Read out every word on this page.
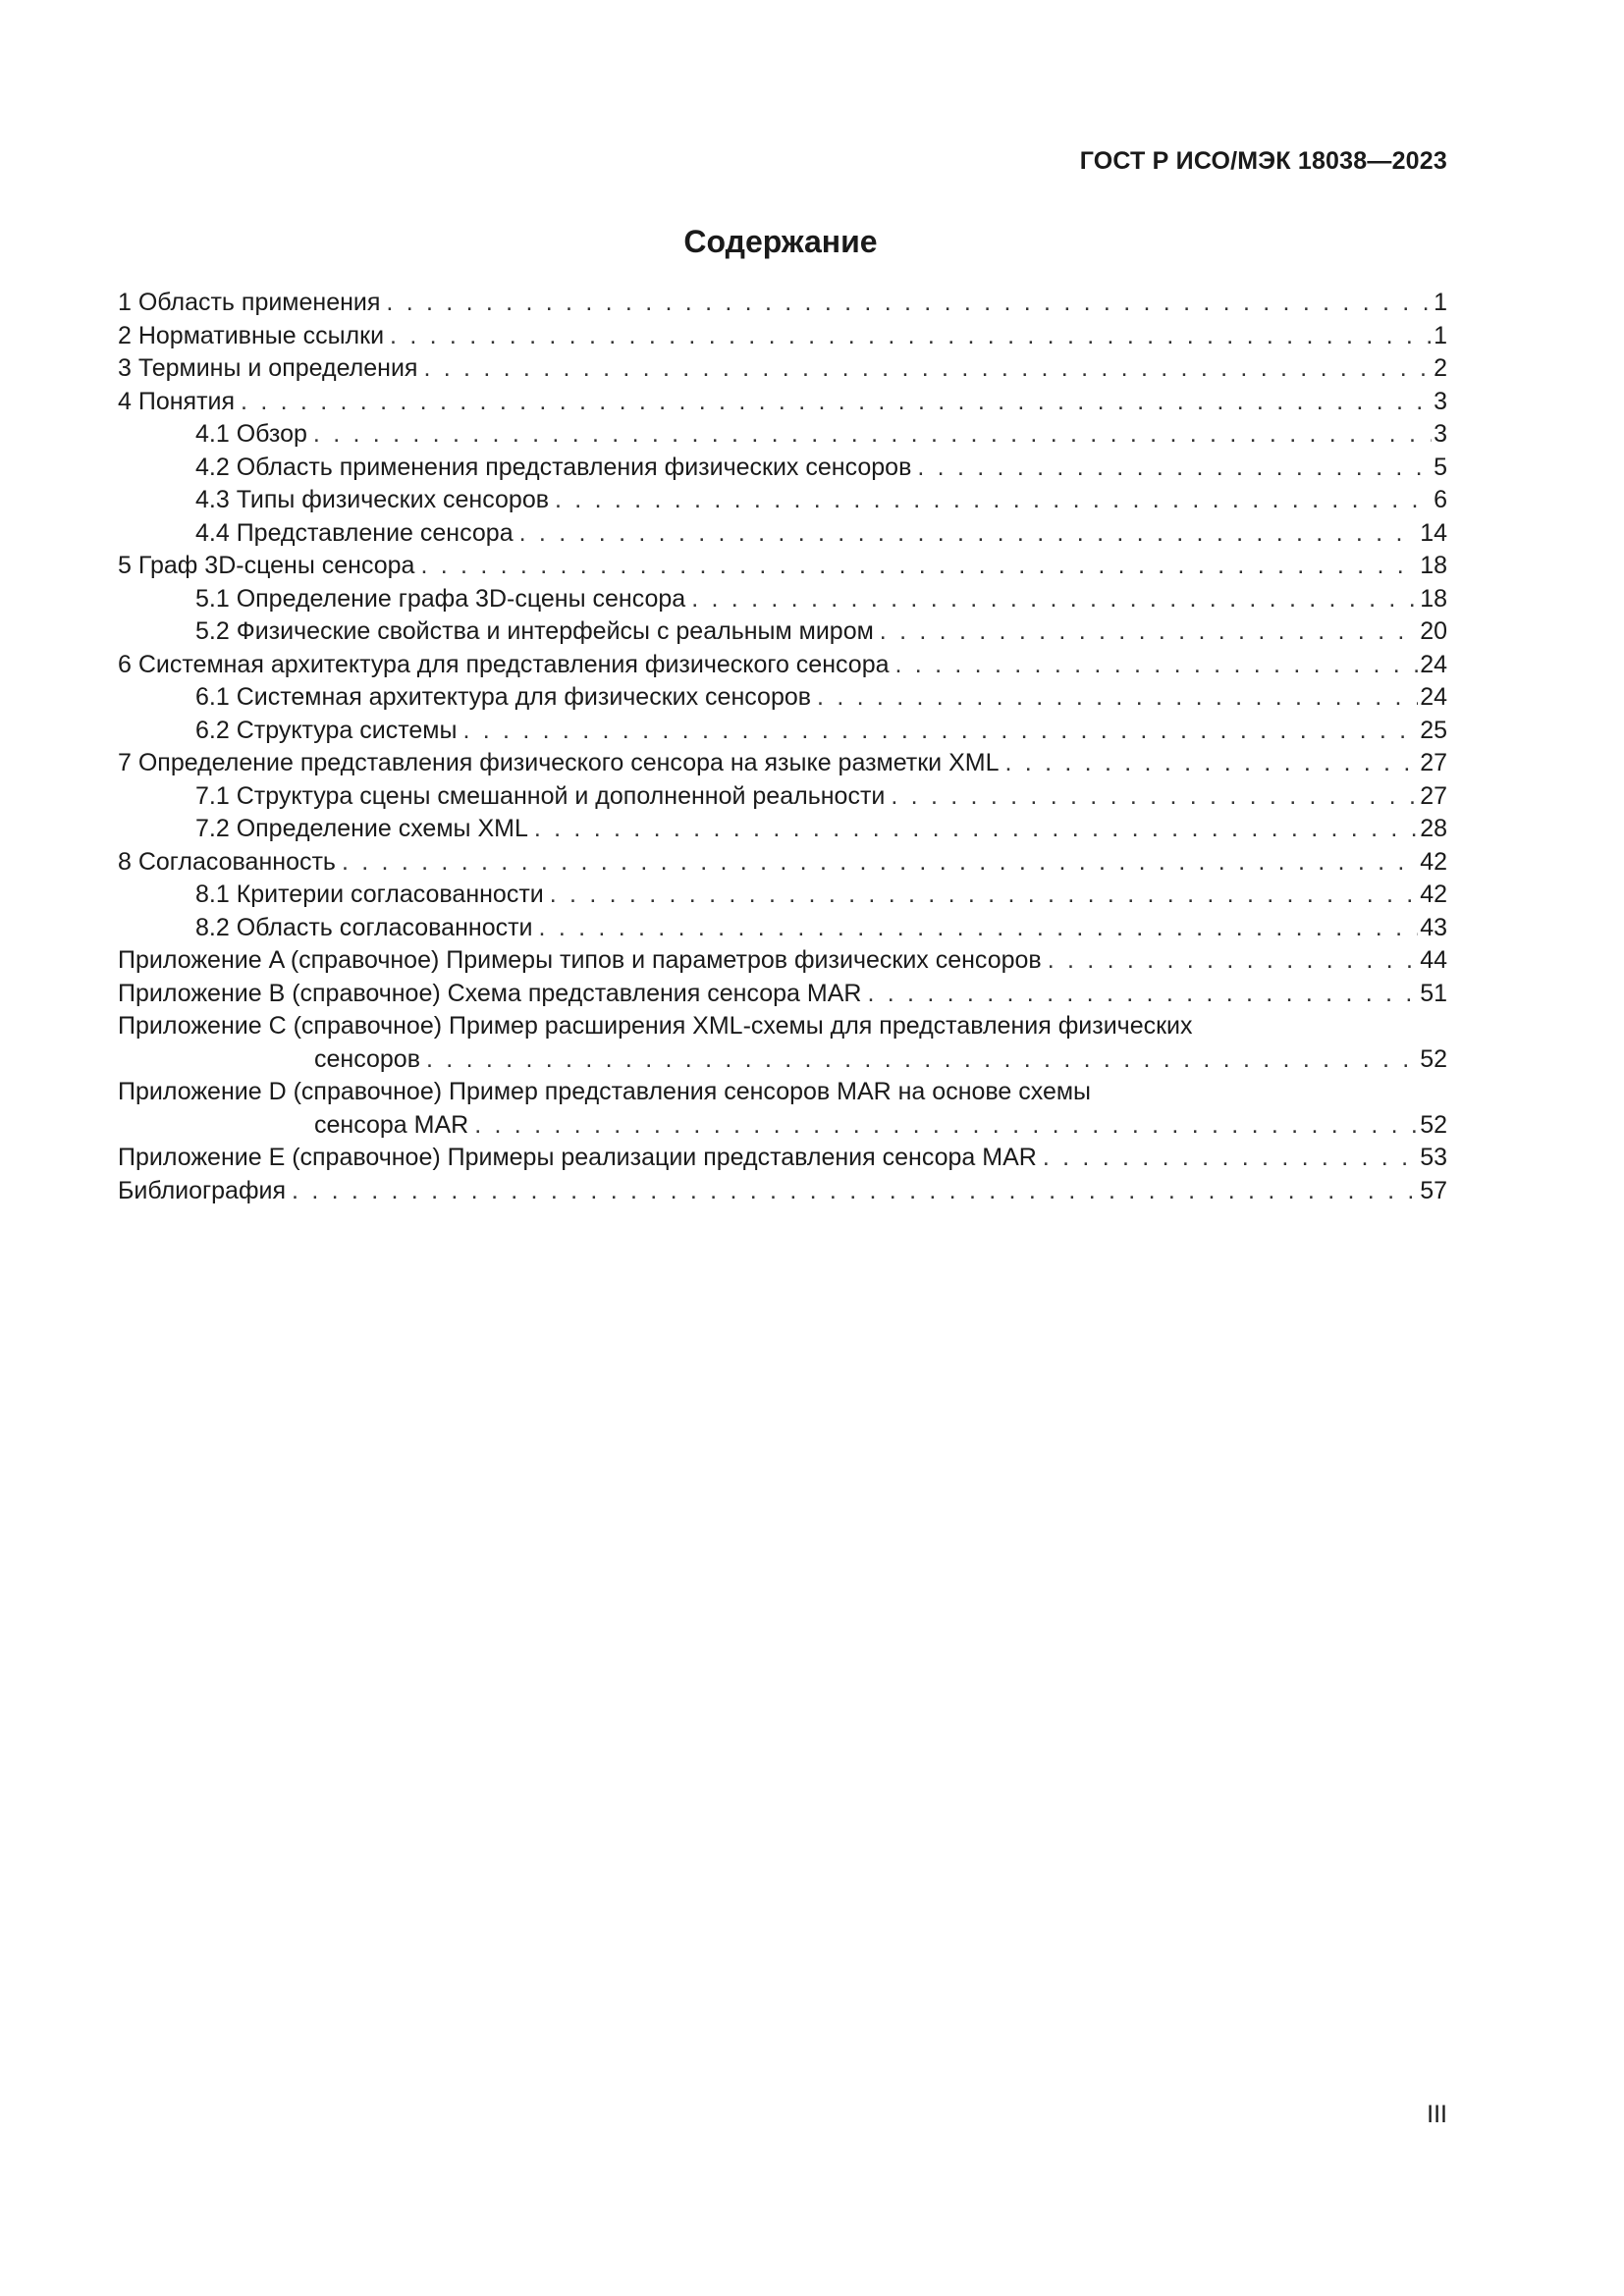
ГОСТ Р ИСО/МЭК 18038—2023
Содержание
1 Область применения . . .	1
2 Нормативные ссылки . . .	1
3 Термины и определения . . .	2
4 Понятия . . .	3
4.1 Обзор . . .	3
4.2 Область применения представления физических сенсоров . . .	5
4.3 Типы физических сенсоров . . .	6
4.4 Представление сенсора . . .	14
5 Граф 3D-сцены сенсора . . .	18
5.1 Определение графа 3D-сцены сенсора . . .	18
5.2 Физические свойства и интерфейсы с реальным миром . . .	20
6 Системная архитектура для представления физического сенсора . . .	24
6.1 Системная архитектура для физических сенсоров . . .	24
6.2 Структура системы . . .	25
7 Определение представления физического сенсора на языке разметки XML . . .	27
7.1 Структура сцены смешанной и дополненной реальности . . .	27
7.2 Определение схемы XML . . .	28
8 Согласованность . . .	42
8.1 Критерии согласованности . . .	42
8.2 Область согласованности . . .	43
Приложение A (справочное) Примеры типов и параметров физических сенсоров . . .	44
Приложение B (справочное) Схема представления сенсора MAR . . .	51
Приложение C (справочное) Пример расширения XML-схемы для представления физических
сенсоров . . .	52
Приложение D (справочное) Пример представления сенсоров MAR на основе схемы
сенсора MAR . . .	52
Приложение E (справочное) Примеры реализации представления сенсора MAR . . .	53
Библиография . . .	57
III
